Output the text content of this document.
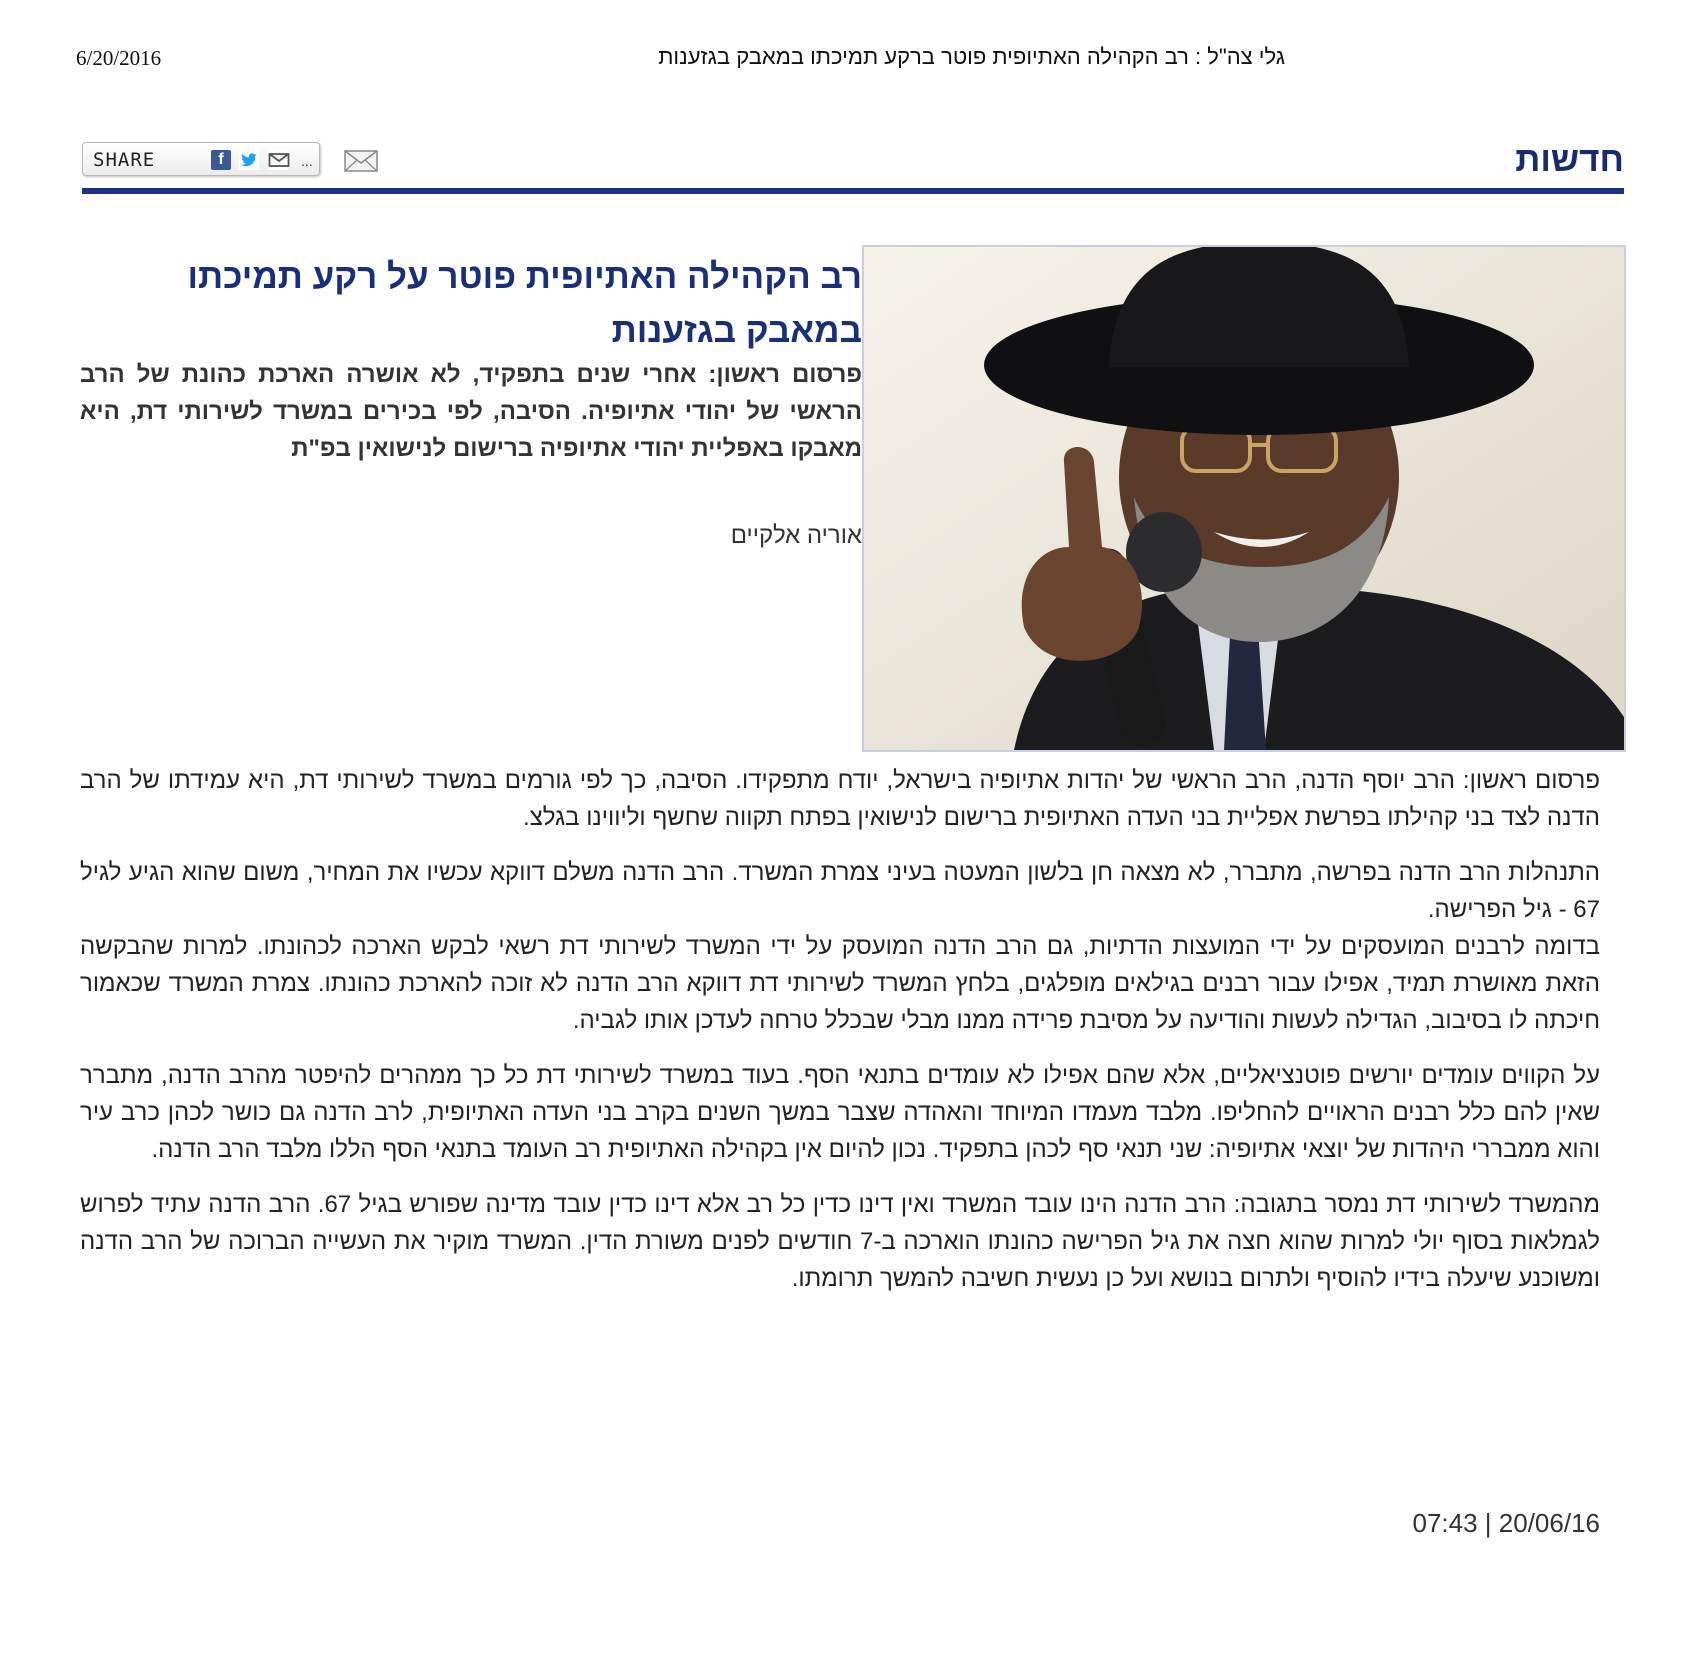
6/20/2016	גלי צה"ל : רב הקהילה האתיופית פוטר ברקע תמיכתו במאבק בגזענות
חדשות
SHARE	f	...
רב הקהילה האתיופית פוטר על רקע תמיכתו במאבק בגזענות

פרסום ראשון: אחרי שנים בתפקיד, לא אושרה הארכת כהונת של הרב הראשי של יהודי אתיופיה. הסיבה, לפי בכירים במשרד לשירותי דת, היא מאבקו באפליית יהודי אתיופיה ברישום לנישואין בפ"ת

אוריה אלקיים

פרסום ראשון: הרב יוסף הדנה, הרב הראשי של יהדות אתיופיה בישראל, יודח מתפקידו. הסיבה, כך לפי גורמים במשרד לשירותי דת, היא עמידתו של הרב הדנה לצד בני קהילתו בפרשת אפליית בני העדה האתיופית ברישום לנישואין בפתח תקווה שחשף וליווינו בגלצ.

התנהלות הרב הדנה בפרשה, מתברר, לא מצאה חן בלשון המעטה בעיני צמרת המשרד. הרב הדנה משלם דווקא עכשיו את המחיר, משום שהוא הגיע לגיל 67 - גיל הפרישה.

בדומה לרבנים המועסקים על ידי המועצות הדתיות, גם הרב הדנה המועסק על ידי המשרד לשירותי דת רשאי לבקש הארכה לכהונתו. למרות שהבקשה הזאת מאושרת תמיד, אפילו עבור רבנים בגילאים מופלגים, בלחץ המשרד לשירותי דת דווקא הרב הדנה לא זוכה להארכת כהונתו. צמרת המשרד שכאמור חיכתה לו בסיבוב, הגדילה לעשות והודיעה על מסיבת פרידה ממנו מבלי שבכלל טרחה לעדכן אותו לגביה.

על הקווים עומדים יורשים פוטנציאליים, אלא שהם אפילו לא עומדים בתנאי הסף. בעוד במשרד לשירותי דת כל כך ממהרים להיפטר מהרב הדנה, מתברר שאין להם כלל רבנים הראויים להחליפו. מלבד מעמדו המיוחד והאהדה שצבר במשך השנים בקרב בני העדה האתיופית, לרב הדנה גם כושר לכהן כרב עיר והוא ממבררי היהדות של יוצאי אתיופיה: שני תנאי סף לכהן בתפקיד. נכון להיום אין בקהילה האתיופית רב העומד בתנאי הסף הללו מלבד הרב הדנה.

מהמשרד לשירותי דת נמסר בתגובה: הרב הדנה הינו עובד המשרד ואין דינו כדין כל רב אלא דינו כדין עובד מדינה שפורש בגיל 67. הרב הדנה עתיד לפרוש לגמלאות בסוף יולי למרות שהוא חצה את גיל הפרישה כהונתו הוארכה ב-7 חודשים לפנים משורת הדין. המשרד מוקיר את העשייה הברוכה של הרב הדנה ומשוכנע שיעלה בידיו להוסיף ולתרום בנושא ועל כן נעשית חשיבה להמשך תרומתו.

07:43 | 20/06/16
